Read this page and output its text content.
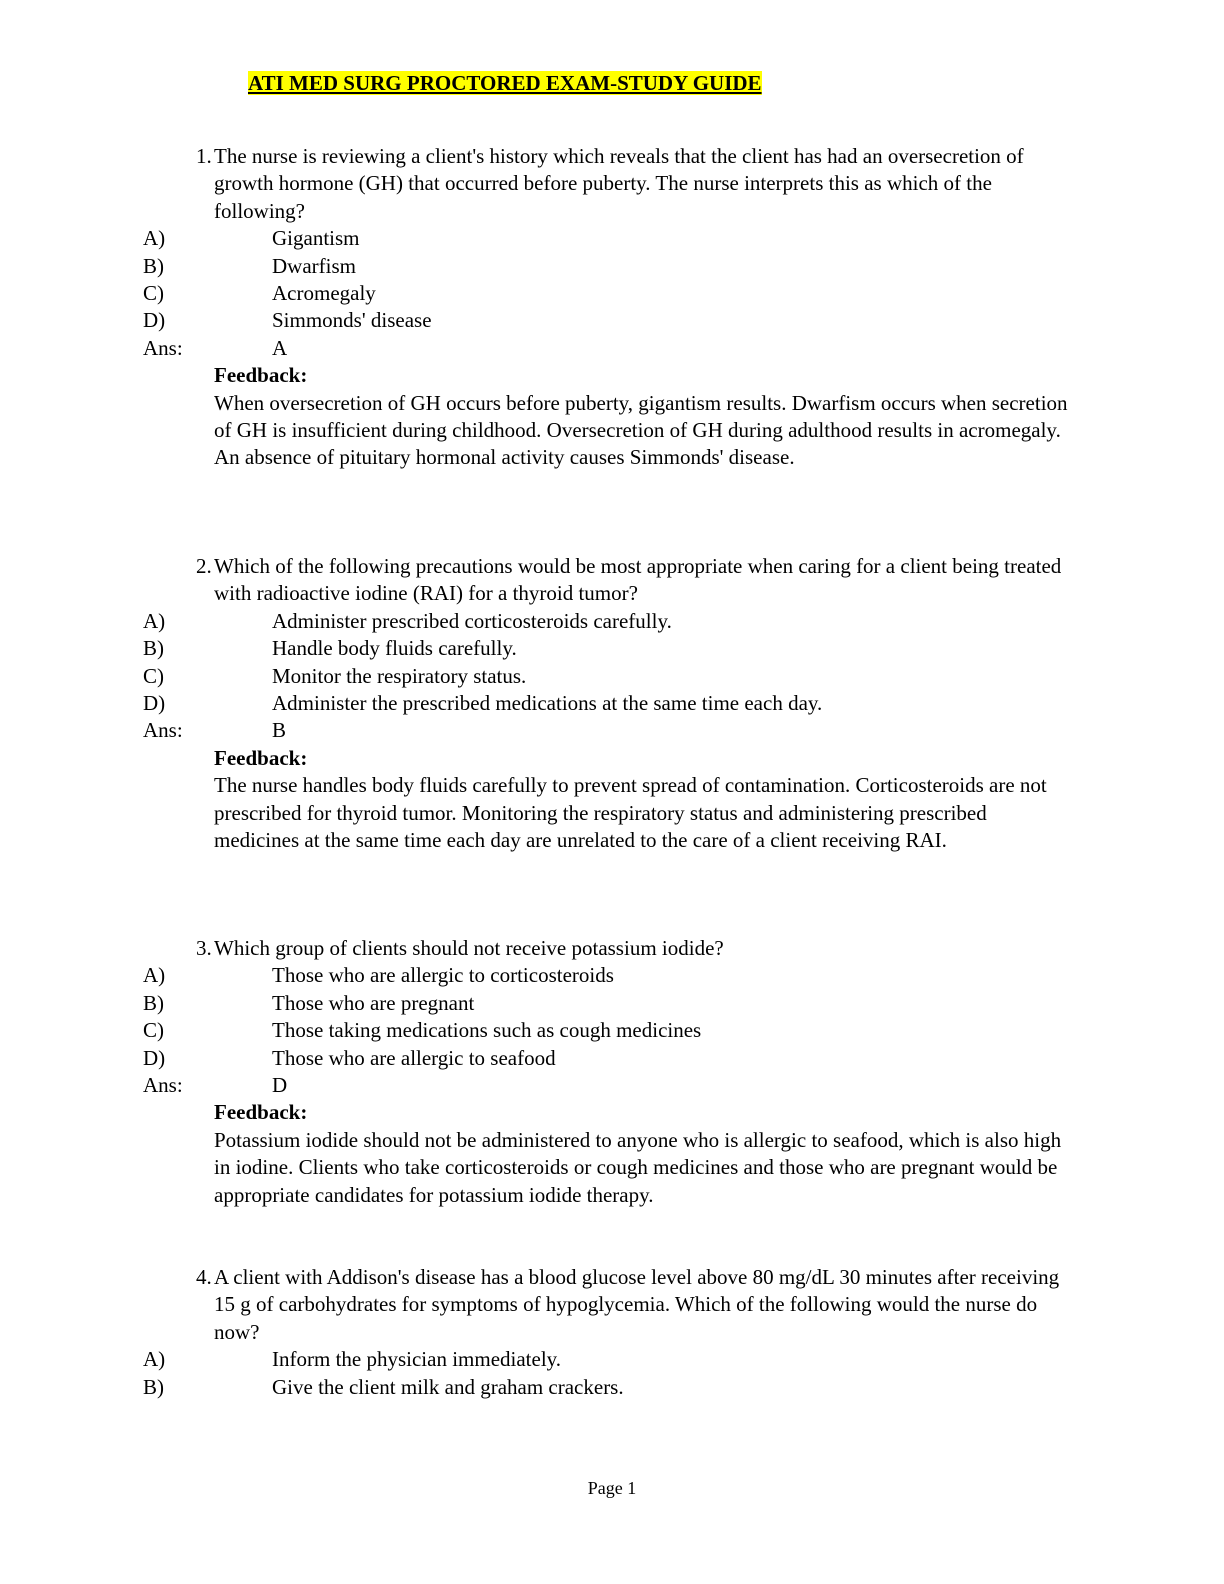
ATI MED SURG PROCTORED EXAM-STUDY GUIDE

1. The nurse is reviewing a client's history which reveals that the client has had an oversecretion of growth hormone (GH) that occurred before puberty. The nurse interprets this as which of the following?

A)	Gigantism
B)	Dwarfism
C)	Acromegaly
D)	Simmonds' disease
Ans:	A

Feedback:

When oversecretion of GH occurs before puberty, gigantism results. Dwarfism occurs when secretion of GH is insufficient during childhood. Oversecretion of GH during adulthood results in acromegaly. An absence of pituitary hormonal activity causes Simmonds' disease.

2. Which of the following precautions would be most appropriate when caring for a client being treated with radioactive iodine (RAI) for a thyroid tumor?

A)	Administer prescribed corticosteroids carefully.
B)	Handle body fluids carefully.
C)	Monitor the respiratory status.
D)	Administer the prescribed medications at the same time each day.
Ans:	B

Feedback:

The nurse handles body fluids carefully to prevent spread of contamination. Corticosteroids are not prescribed for thyroid tumor. Monitoring the respiratory status and administering prescribed medicines at the same time each day are unrelated to the care of a client receiving RAI.

3. Which group of clients should not receive potassium iodide?

A)	Those who are allergic to corticosteroids
B)	Those who are pregnant
C)	Those taking medications such as cough medicines
D)	Those who are allergic to seafood
Ans:	D

Feedback:

Potassium iodide should not be administered to anyone who is allergic to seafood, which is also high in iodine. Clients who take corticosteroids or cough medicines and those who are pregnant would be appropriate candidates for potassium iodide therapy.

4. A client with Addison's disease has a blood glucose level above 80 mg/dL 30 minutes after receiving 15 g of carbohydrates for symptoms of hypoglycemia. Which of the following would the nurse do now?

A)	Inform the physician immediately.
B)	Give the client milk and graham crackers.
Page 1
